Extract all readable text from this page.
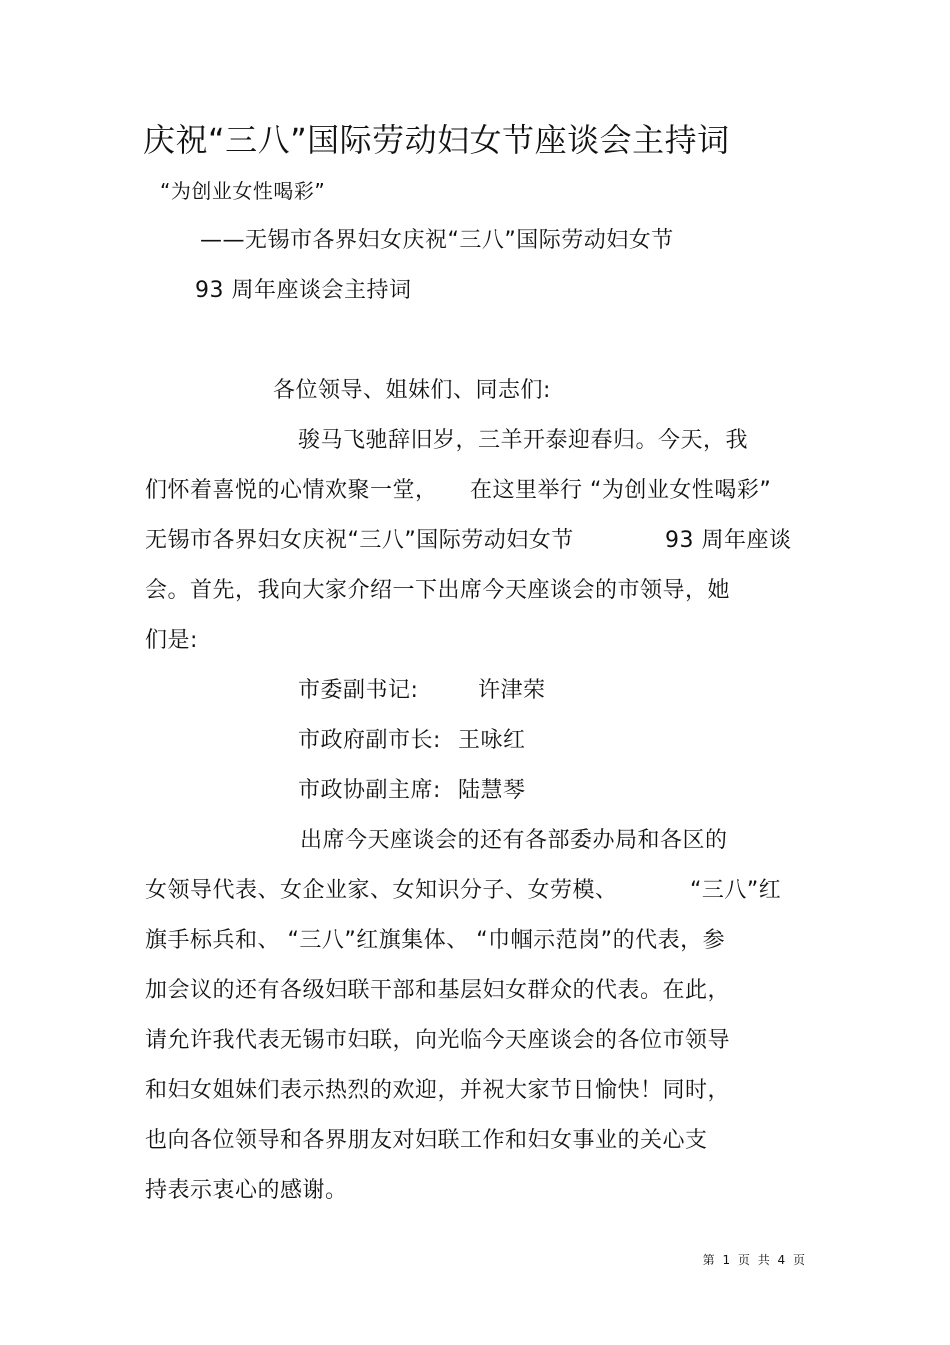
庆祝“三八”国际劳动妇女节座谈会主持词
“为创业女性喝彩”
——无锡市各界妇女庆祝“三八”国际劳动妇女节
93 周年座谈会主持词
各位领导、姐妹们、同志们:
骏马飞驰辞旧岁，三羊开泰迎春归。今天，我
们怀着喜悦的心情欢聚一堂， 在这里举行 “为创业女性喝彩”
无锡市各界妇女庆祝“三八”国际劳动妇女节	93 周年座谈
会。首先，我向大家介绍一下出席今天座谈会的市领导，她
们是:
市委副书记:	许津荣
市政府副市长: 王咏红
市政协副主席: 陆慧琴
出席今天座谈会的还有各部委办局和各区的
女领导代表、女企业家、女知识分子、女劳模、	“三八”红
旗手标兵和、 “三八”红旗集体、 “巾帼示范岗”的代表，参
加会议的还有各级妇联干部和基层妇女群众的代表。在此，
请允许我代表无锡市妇联，向光临今天座谈会的各位市领导
和妇女姐妹们表示热烈的欢迎，并祝大家节日愉快！同时，
也向各位领导和各界朋友对妇联工作和妇女事业的关心支
持表示衷心的感谢。
第 1 页 共 4 页
